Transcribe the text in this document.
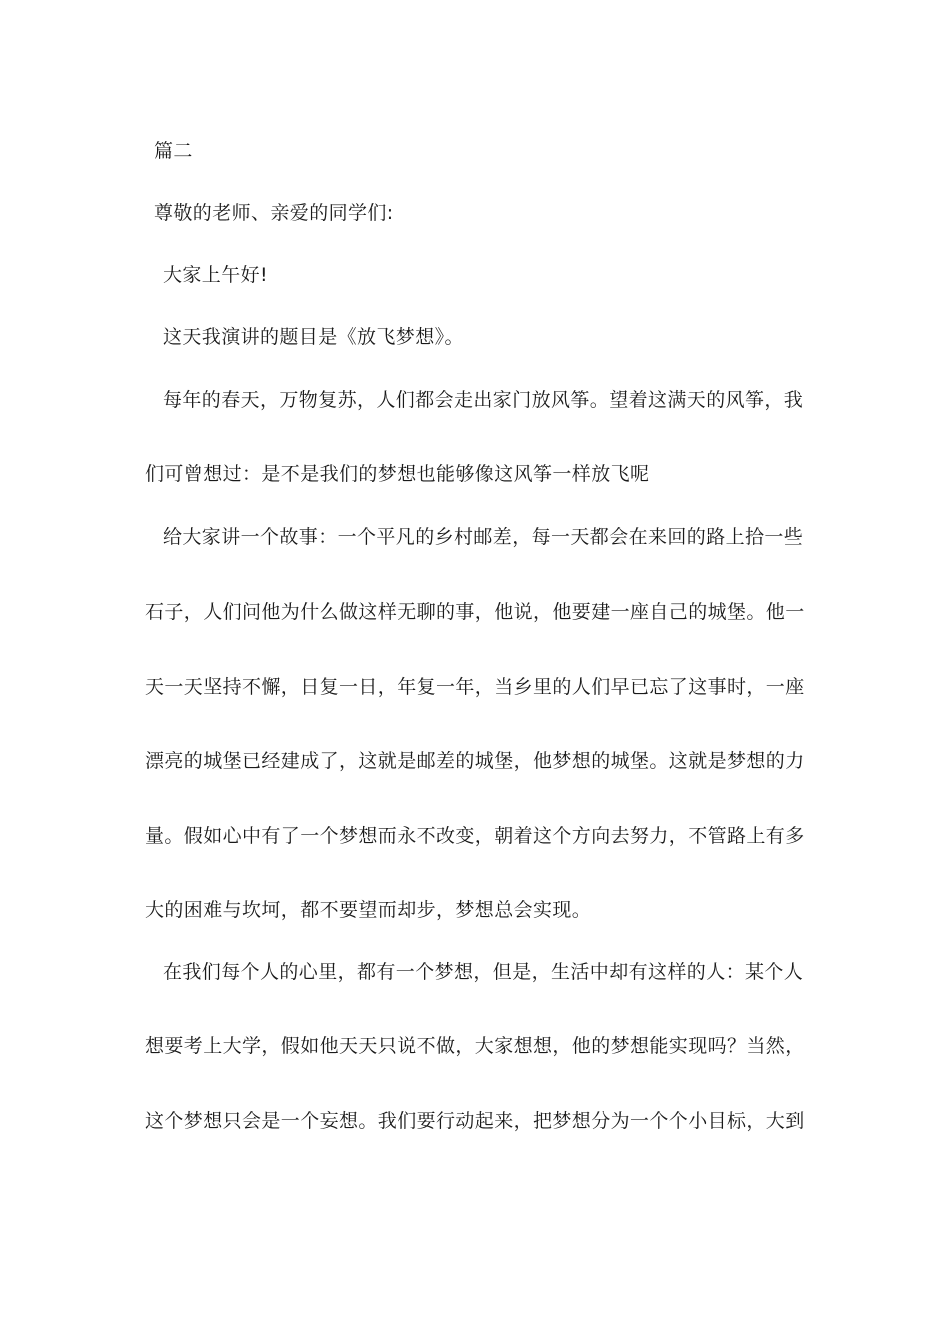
篇二
尊敬的老师、亲爱的同学们:
大家上午好!
这天我演讲的题目是《放飞梦想》。
每年的春天，万物复苏，人们都会走出家门放风筝。望着这满天的风筝，我
们可曾想过：是不是我们的梦想也能够像这风筝一样放飞呢
给大家讲一个故事：一个平凡的乡村邮差，每一天都会在来回的路上拾一些
石子，人们问他为什么做这样无聊的事，他说，他要建一座自己的城堡。他一
天一天坚持不懈，日复一日，年复一年，当乡里的人们早已忘了这事时，一座
漂亮的城堡已经建成了，这就是邮差的城堡，他梦想的城堡。这就是梦想的力
量。假如心中有了一个梦想而永不改变，朝着这个方向去努力，不管路上有多
大的困难与坎坷，都不要望而却步，梦想总会实现。
在我们每个人的心里，都有一个梦想，但是，生活中却有这样的人：某个人
想要考上大学，假如他天天只说不做，大家想想，他的梦想能实现吗？当然，
这个梦想只会是一个妄想。我们要行动起来，把梦想分为一个个小目标，大到
